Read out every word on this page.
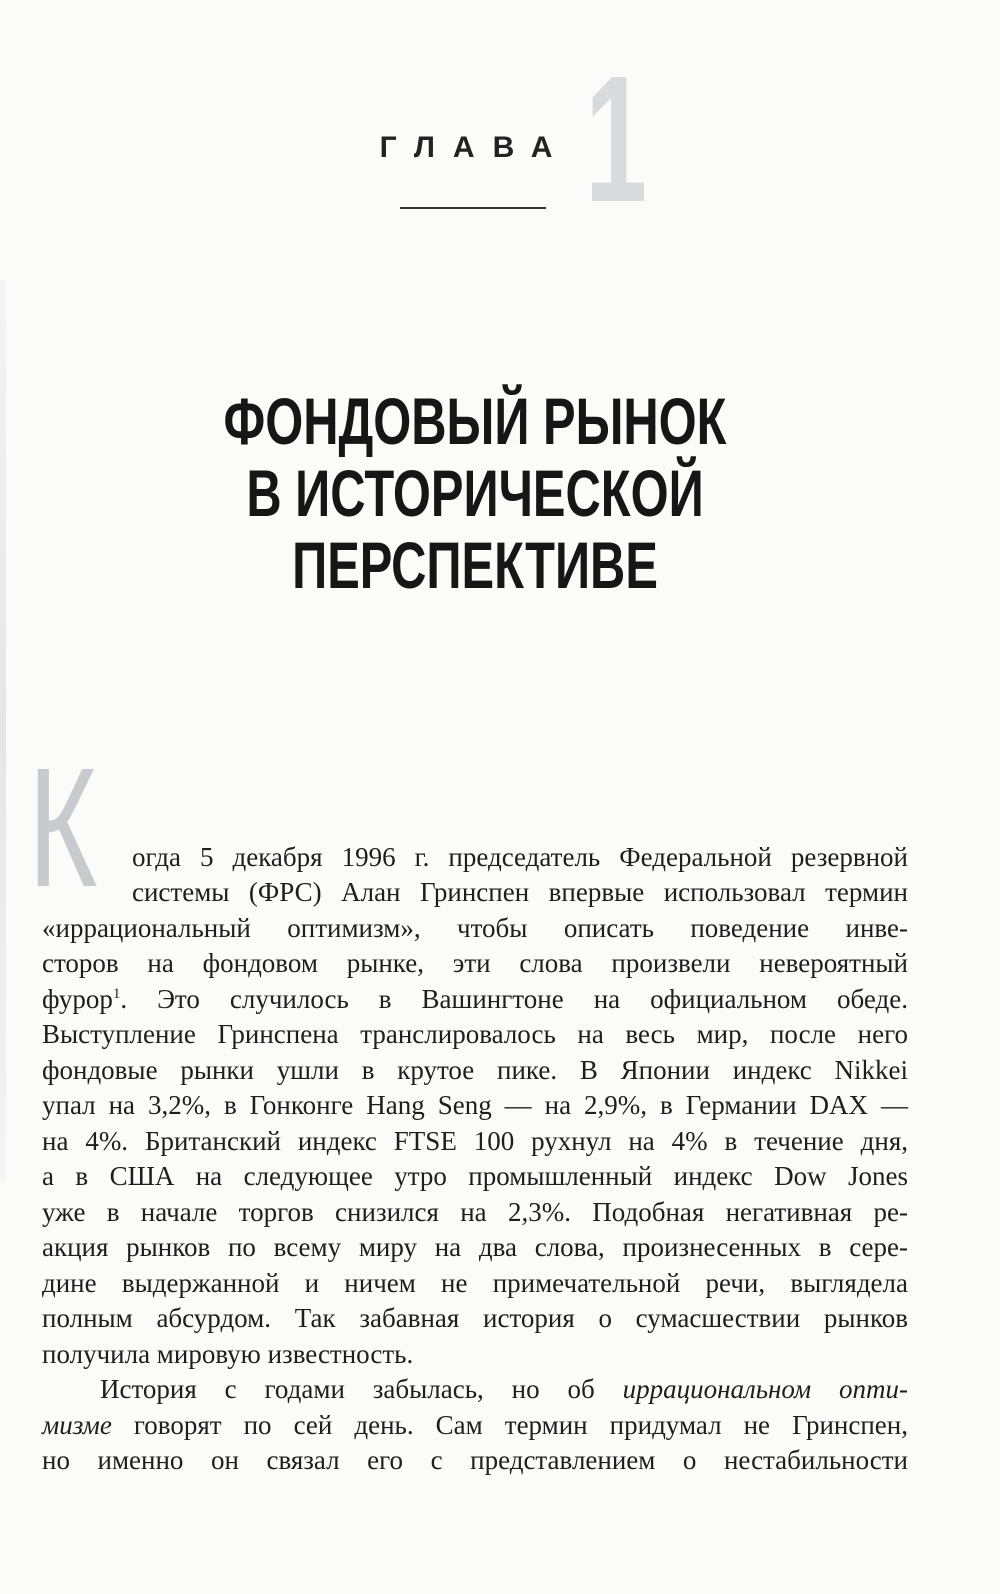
1
ГЛАВА
ФОНДОВЫЙ РЫНОК
В ИСТОРИЧЕСКОЙ
ПЕРСПЕКТИВЕ
К огда 5 декабря 1996 г. председатель Федеральной резервной
системы (ФРС) Алан Гринспен впервые использовал термин
«иррациональный оптимизм», чтобы описать поведение инве-
сторов на фондовом рынке, эти слова произвели невероятный
фурор$^1$. Это случилось в Вашингтоне на официальном обеде.
Выступление Гринспена транслировалось на весь мир, после него
фондовые рынки ушли в крутое пике. В Японии индекс Nikkei
упал на 3,2%, в Гонконге Hang Seng — на 2,9%, в Германии DAX —
на 4%. Британский индекс FTSE 100 рухнул на 4% в течение дня,
а в США на следующее утро промышленный индекс Dow Jones
уже в начале торгов снизился на 2,3%. Подобная негативная ре-
акция рынков по всему миру на два слова, произнесенных в сере-
дине выдержанной и ничем не примечательной речи, выглядела
полным абсурдом. Так забавная история о сумасшествии рынков
получила мировую известность.
История с годами забылась, но об иррациональном опти-
мизме говорят по сей день. Сам термин придумал не Гринспен,
но именно он связал его с представлением о нестабильности
